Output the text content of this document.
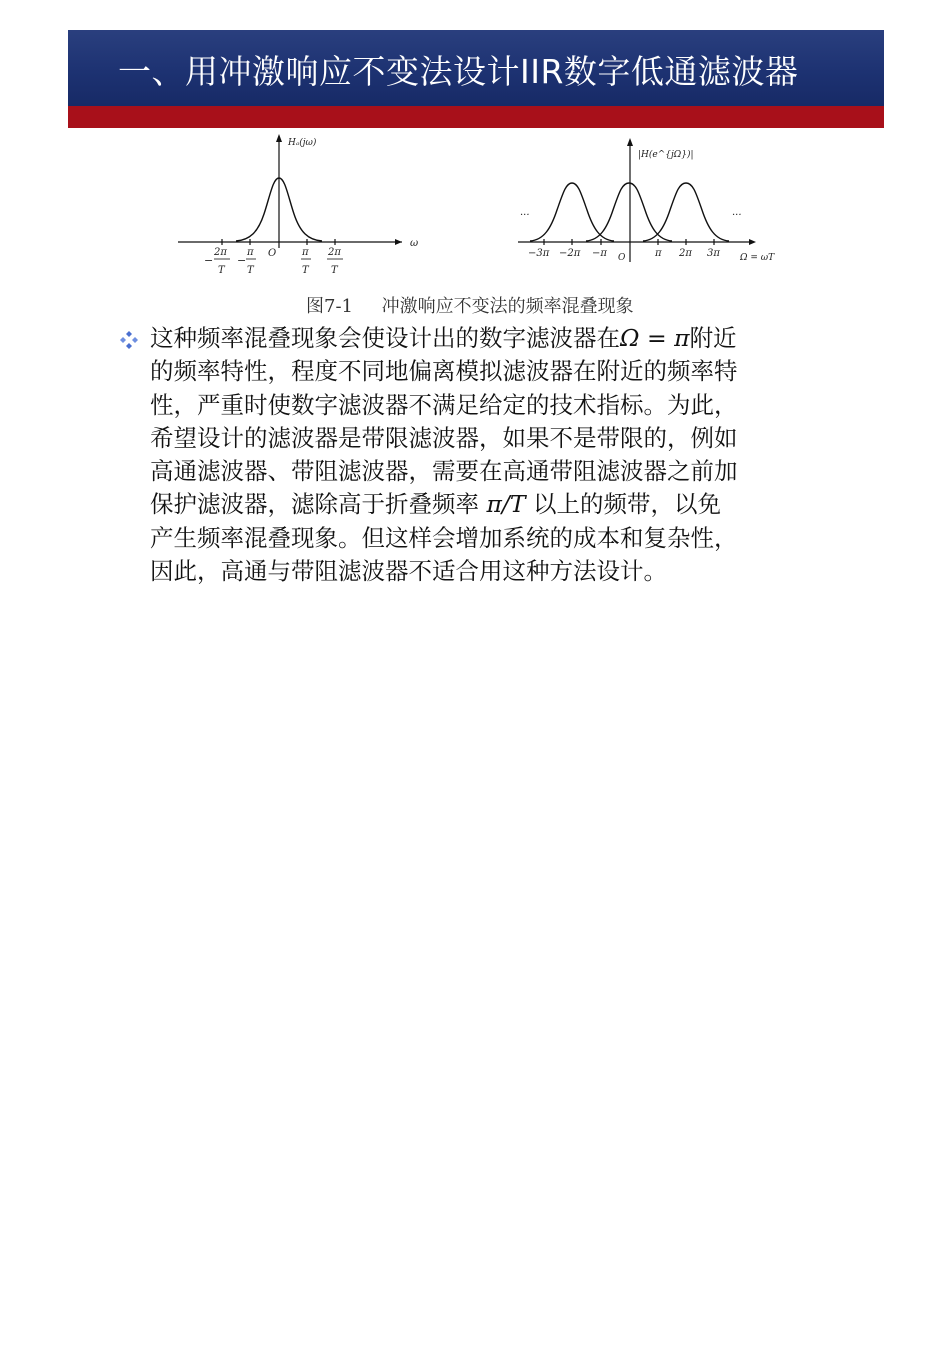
一、用冲激响应不变法设计IIR数字低通滤波器
Hₐ(jω)
ω
O
−
2π
T
−
π
T
π
T
2π
T
|H(e^{jΩ})|
Ω = ωT
O
···	···
−3π −2π −π	π 2π 3π
图7-1     冲激响应不变法的频率混叠现象
这种频率混叠现象会使设计出的数字滤波器在Ω = π附近
的频率特性，程度不同地偏离模拟滤波器在附近的频率特
性，严重时使数字滤波器不满足给定的技术指标。为此，
希望设计的滤波器是带限滤波器，如果不是带限的，例如
高通滤波器、带阻滤波器，需要在高通带阻滤波器之前加
保护滤波器，滤除高于折叠频率 π/T 以上的频带，以免
产生频率混叠现象。但这样会增加系统的成本和复杂性，
因此，高通与带阻滤波器不适合用这种方法设计。
